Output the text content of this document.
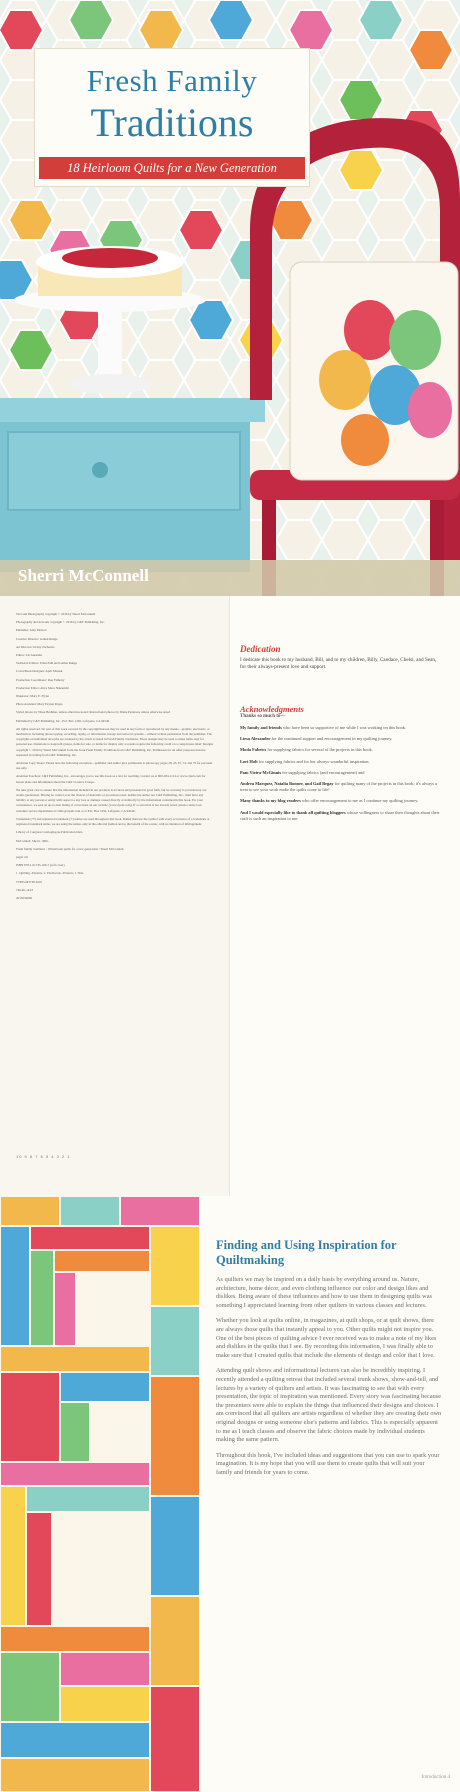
Fresh Family
Traditions
18 Heirloom Quilts for a New Generation
Sherri McConnell
Text and Photography copyright © 2016 by Sherri McConnell
Photography and Artwork copyright © 2016 by C&T Publishing, Inc.
Publisher: Amy Marson
Creative Director: Gailen Runge
Art Director: Kristy Zacharias
Editor: Liz Aneloski
Technical Editors: Ellen Pahl and Gailen Runge
Cover/Book Designer: April Mostek
Production Coordinator: Rue Flaherty
Production Editor: Alice Mace Nakanishi
Illustrator: Mary E. Flynn
Photo Assistant: Mary Peyton Peppo
Styled photos by Nissa Brehmer, unless otherwise noted; Instructional photos by Diane Pedersen, unless otherwise noted
Published by C&T Publishing, Inc., P.O. Box 1456, Lafayette, CA 94549
All rights reserved. No part of this work covered by the copyright hereon may be used in any form or reproduced by any means—graphic, electronic, or mechanical, including photocopying, recording, taping, or information storage and retrieval systems—without written permission from the publisher. The copyrights on individual artworks are retained by the artists as noted in Fresh Family Traditions. These designs may be used to make items only for personal use. Donations to nonprofit groups, items for sale, or items for display only at events require the following credit on a conspicuous label: Designs copyright © 2016 by Sherri McConnell from the book Fresh Family Traditions from C&T Publishing, Inc. Permission for all other purposes must be requested in writing from C&T Publishing, Inc.
Attention Copy Shops: Please note the following exception—publisher and author give permission to photocopy pages 28, 45, 67, 74, and 79 for personal use only.
Attention Teachers: C&T Publishing, Inc., encourages you to use this book as a text for teaching. Contact us at 800-284-1114 or www.ctpub.com for lesson plans and information about the C&T Creative Troupe.
We take great care to ensure that the information included in our products is accurate and presented in good faith, but no warranty is provided nor are results guaranteed. Having no control over the choices of materials or procedures used, neither the author nor C&T Publishing, Inc., shall have any liability to any person or entity with respect to any loss or damage caused directly or indirectly by the information contained in this book. For your convenience, we post an up-to-date listing of corrections on our website (www.ctpub.com). If a correction is not already noted, please contact our customer service department at ctinfo@ctpub.com or at P.O. Box 1456, Lafayette, CA 94549.
Trademark (™) and registered trademark (®) names are used throughout this book. Rather than use the symbol with every occurrence of a trademark or registered trademark name, we are using the names only in the editorial fashion and to the benefit of the owner, with no intention of infringement.
Library of Congress Cataloging-in-Publication Data
McConnell, Sherri, 1966-
Fresh family traditions : 18 heirloom quilts for a new generation / Sherri McConnell.
pages cm
ISBN 978-1-61745-160-3 (soft cover)
1. Quilting--Patterns. 2. Patchwork--Patterns. I. Title.
TT835.M3738 2016
746.46--dc23
2015034069
10 9 8 7 6 5 4 3 2 1
Dedication

I dedicate this book to my husband, Bill, and to my children, Billy, Candace, Chelsi, and Sean, for their always-present love and support.

Acknowledgments
Thanks so much to—

My family and friends who have been so supportive of me while I was working on this book.

Liesa Alexander for the continued support and encouragement in my quilting journey.

Moda Fabrics for supplying fabrics for several of the projects in this book.

Lori Holt for supplying fabrics and for her always-wonderful inspiration.

Pam Vieira-McGinnis for supplying fabrics (and encouragement) and

Andrea Marquez, Natalia Bonner, and Gail Begay for quilting many of the projects in this book; it's always a treat to see your work make the quilts come to life!

Many thanks to my blog readers who offer encouragement to me as I continue my quilting journey.

And I would especially like to thank all quilting bloggers whose willingness to share their thoughts about their craft is such an inspiration to me.

Finding and Using Inspiration for Quiltmaking

As quilters we may be inspired on a daily basis by everything around us. Nature, architecture, home décor, and even clothing influence our color and design likes and dislikes. Being aware of these influences and how to use them in designing quilts was something I appreciated learning from other quilters in various classes and lectures.

Whether you look at quilts online, in magazines, at quilt shops, or at quilt shows, there are always those quilts that instantly appeal to you. Other quilts might not inspire you. One of the best pieces of quilting advice I ever received was to make a note of my likes and dislikes in the quilts that I see. By recording this information, I was finally able to make sure that I created quilts that include the elements of design and color that I love.

Attending quilt shows and informational lectures can also be incredibly inspiring. I recently attended a quilting retreat that included several trunk shows, show-and-tell, and lectures by a variety of quilters and artists. It was fascinating to see that with every presentation, the topic of inspiration was mentioned. Every story was fascinating because the presenters were able to explain the things that influenced their designs and choices. I am convinced that all quilters are artists regardless of whether they are creating their own original designs or using someone else's patterns and fabrics. This is especially apparent to me as I teach classes and observe the fabric choices made by individual students making the same pattern.

Throughout this book, I've included ideas and suggestions that you can use to spark your imagination. It is my hope that you will use them to create quilts that will suit your family and friends for years to come.

Introduction 4
